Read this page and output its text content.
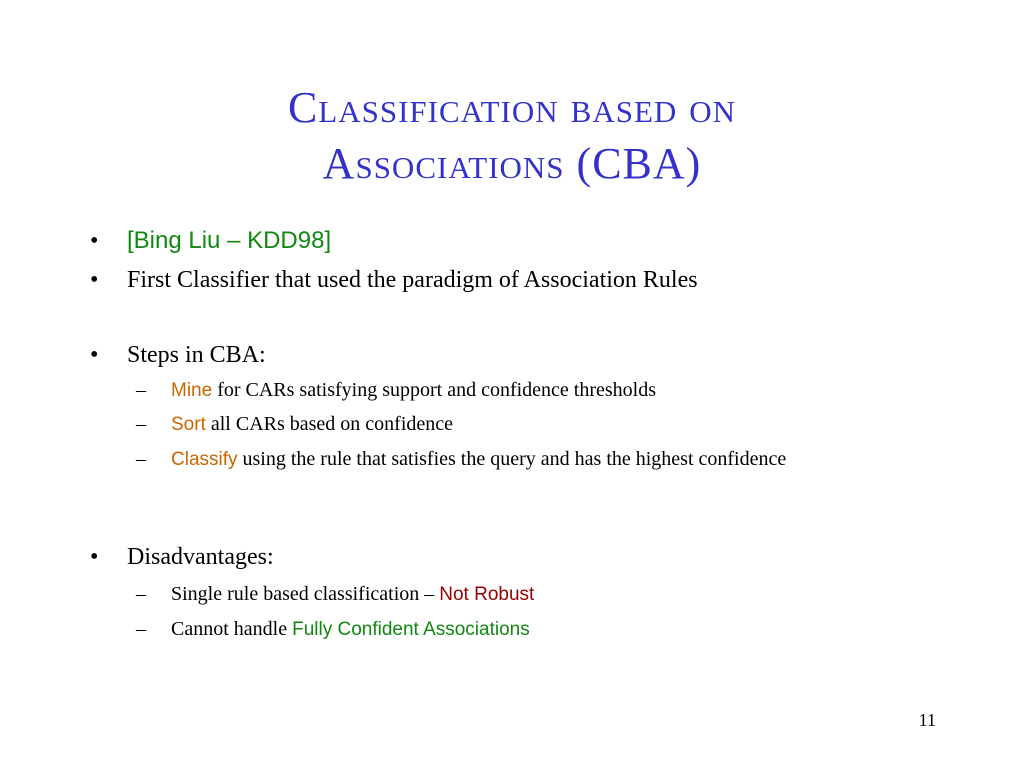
Classification based on
Associations (CBA)
• [Bing Liu – KDD98]
• First Classifier that used the paradigm of Association Rules
• Steps in CBA:
– Mine for CARs satisfying support and confidence thresholds
– Sort all CARs based on confidence
– Classify using the rule that satisfies the query and has the highest confidence
• Disadvantages:
– Single rule based classification – Not Robust
– Cannot handle Fully Confident Associations
11
